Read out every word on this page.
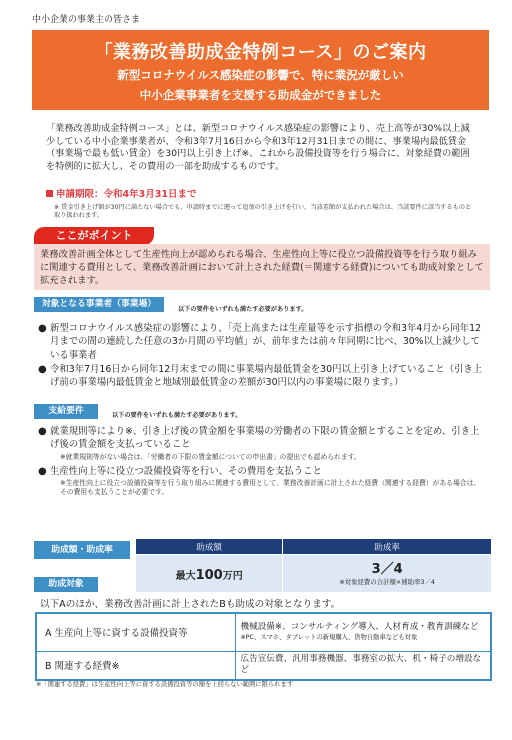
中小企業の事業主の皆さま
「業務改善助成金特例コース」のご案内
新型コロナウイルス感染症の影響で、特に業況が厳しい
中小企業事業者を支援する助成金ができました
「業務改善助成金特例コース」とは、新型コロナウイルス感染症の影響により、売上高等が30%以上減少している中小企業事業者が、令和3年7月16日から令和3年12月31日までの間に、事業場内最低賃金（事業場で最も低い賃金）を30円以上引き上げ※、これから設備投資等を行う場合に、対象経費の範囲を特例的に拡大し、その費用の一部を助成するものです。
申請期限：令和4年3月31日まで
※ 賃金引き上げ額が30円に満たない場合でも、申請時までに遡って追加の引き上げを行い、当該差額が支払われた場合は、当該要件に該当するものと取り扱われます。
ここがポイント
業務改善計画全体として生産性向上が認められる場合、生産性向上等に役立つ設備投資等を行う取り組みに関連する費用として、業務改善計画において計上された経費(＝関連する経費)についても助成対象として拡充されます。
対象となる事業者（事業場）
以下の要件をいずれも満たす必要があります。
● 新型コロナウイルス感染症の影響により、「売上高または生産量等を示す指標の令和3年4月から同年12月までの間の連続した任意の3か月間の平均値」が、前年または前々年同期に比べ、30%以上減少している事業者
● 令和3年7月16日から同年12月末までの間に事業場内最低賃金を30円以上引き上げていること（引き上げ前の事業場内最低賃金と地域別最低賃金の差額が30円以内の事業場に限ります。）
支給要件	以下の要件をいずれも満たす必要があります。
● 就業規則等により※、引き上げ後の賃金額を事業場の労働者の下限の賃金額とすることを定め、引き上げ後の賃金額を支払っていること
※就業規則等がない場合は、「労働者の下限の賃金額についての申出書」の提出でも認められます。
● 生産性向上等に役立つ設備投資等を行い、その費用を支払うこと
※生産性向上に役立つ設備投資等を行う取り組みに関連する費用として、業務改善計画に計上された経費（関連する経費）がある場合は、その費用も支払うことが必要です。
助成額・助成率	助成額	助成率
最大100万円	3／4
※対象経費の合計額×補助率3／4
助成対象
以下Aのほか、業務改善計画に計上されたBも助成の対象となります。
A 生産向上等に資する設備投資等	機械設備※、コンサルティング導入、人材育成・教育訓練など
※PC、スマホ、タブレットの新規購入、貨物自動車なども対象

B 関連する経費※	広告宣伝費、汎用事務機器、事務室の拡大、机・椅子の増設など
※「関連する経費」は生産性向上等に資する設備投資等の額を上回らない範囲に限られます
